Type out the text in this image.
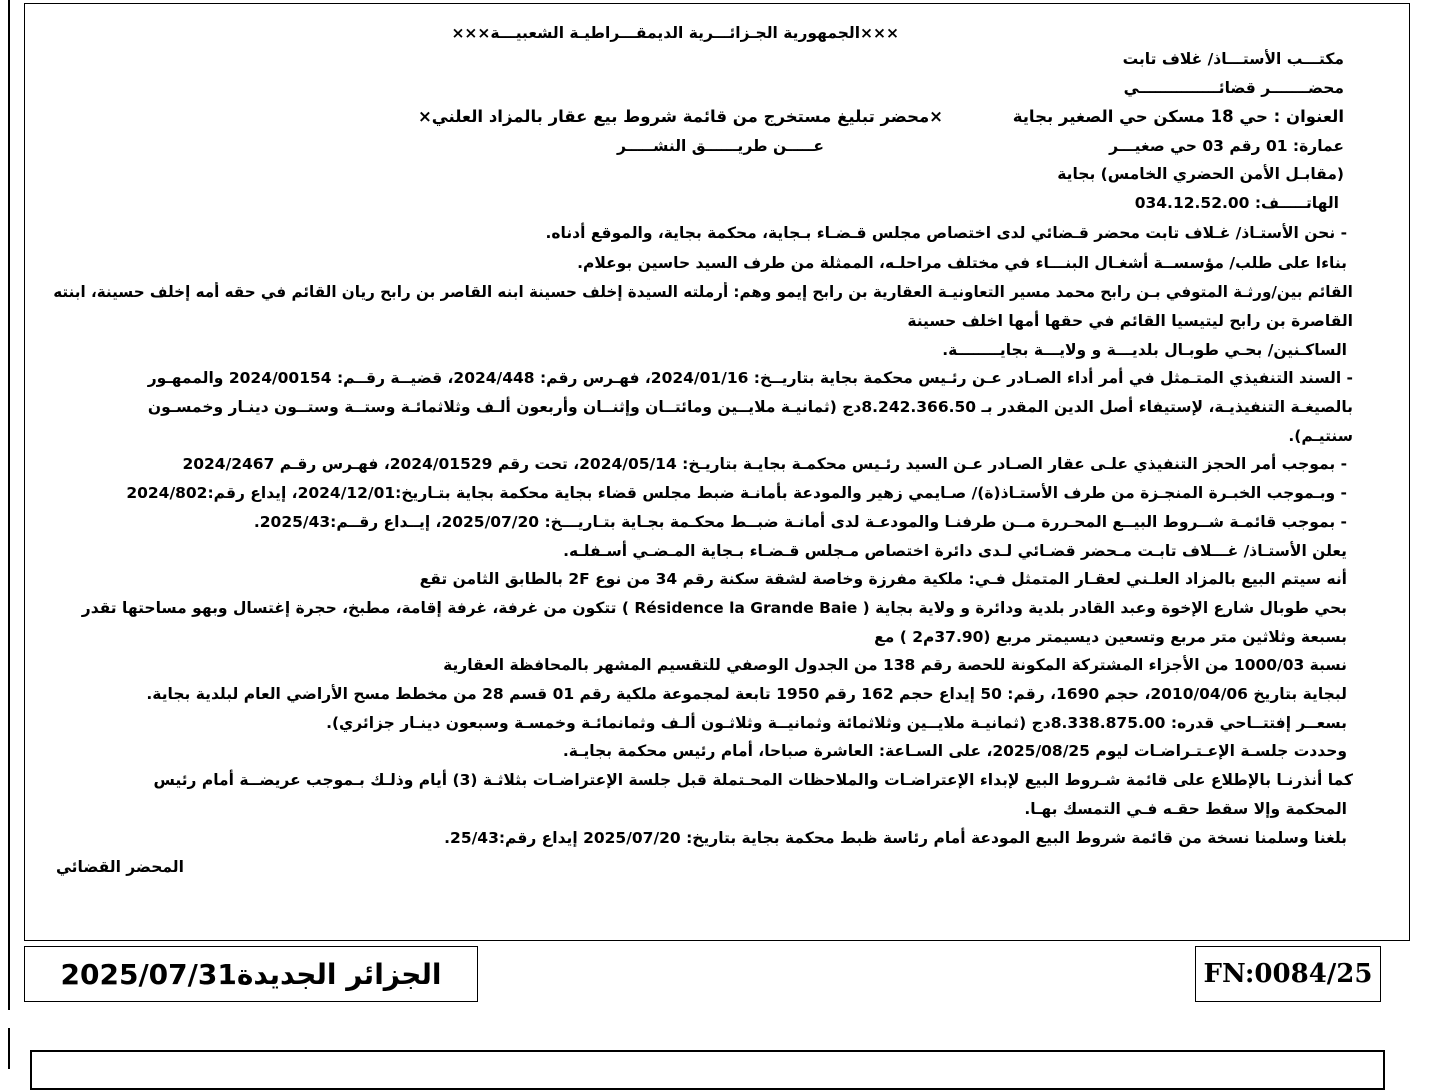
×××الجمهورية الجـزائـــرية الديمقـــراطيـة الشعبيـــة×××
مكتـــب الأستـــاذ/ غلاف تابت
محضـــــــر قضائـــــــــــــــي
العنوان : حي 18 مسكن حي الصغير بجاية
×محضر تبليغ مستخرج من قائمة شروط بيع عقار بالمزاد العلني×
عمارة: 01 رقم 03 حي صغيـــر
عـــــن طريــــــق النشـــــر
(مقابـل الأمن الحضري الخامس) بجاية
الهاتـــــف: 034.12.52.00
- نحن الأستـاذ/ غـلاف تابت محضر قـضائي لدى اختصاص مجلس قـضـاء بـجاية، محكمة بجاية، والموقع أدناه.
بناءا على طلب/ مؤسســة أشغـال البنـــاء في مختلف مراحلـه، الممثلة من طرف السيد حاسين بوعلام.
القائم بين/ورثـة المتوفي بـن رابح محمد مسير التعاونيـة العقارية بن رابح إيمو وهم: أرملته السيدة إخلف حسينة ابنه القاصر بن رابح ريان القائم في حقه أمه إخلف حسينة، ابنته
القاصرة بن رابح ليتيسيا القائم في حقها أمها اخلف حسينة
الساكـنين/ بحـي طوبـال بلديـــة و ولايـــة بجايــــــــة.
- السند التنفيذي المتـمثل في أمر أداء الصـادر عـن رئـيس محكمة بجاية بتاريــخ: 2024/01/16، فهـرس رقم: 2024/448، قضيــة رقــم: 2024/00154 والممهـور
بالصيغـة التنفيذيـة، لإستيفاء أصل الدين المقدر بـ 8.242.366.50دج (ثمانيـة ملايــين ومائتــان وإثنــان وأربعون ألـف وثلاثمائـة وستــة وستــون دينـار وخمسـون
سنتيـم).
- بموجب أمر الحجز التنفيذي علـى عقار الصـادر عـن السيد رئـيس محكمـة بجايـة بتاريـخ: 2024/05/14، تحت رقم 2024/01529، فهـرس رقـم 2024/2467
- وبـموجب الخبـرة المنجـزة من طرف الأستـاذ(ة)/ صـايمي زهير والمودعة بأمانـة ضبط مجلس قضاء بجاية محكمة بجاية بتـاريخ:2024/12/01، إيداع رقم:2024/802
- بموجب قائمـة شــروط البيــع المحـررة مــن طرفنـا والمودعـة لدى أمانـة ضبــط محكـمة بجـاية بتـاريـــخ: 2025/07/20، إيــداع رقــم:2025/43.
يعلن الأستـاذ/ غـــلاف تابـت مـحضر قضـائي لـدى دائرة اختصاص مـجلس قـضـاء بـجاية المـضـي أسـفلـه.
أنه سيتم البيع بالمزاد العلـني لعقـار المتمثل فـي: ملكية مفرزة وخاصة لشقة سكنة رقم 34 من نوع 2F بالطابق الثامن تقع
بحي طوبال شارع الإخوة وعبد القادر بلدية ودائرة و ولاية بجاية ( Résidence la Grande Baie ) تتكون من غرفة، غرفة إقامة، مطبخ، حجرة إغتسال وبهو مساحتها تقدر
بسبعة وثلاثين متر مربع وتسعين ديسيمتر مربع (37.90م2 ) مع
نسبة 1000/03 من الأجزاء المشتركة المكونة للحصة رقم 138 من الجدول الوصفي للتقسيم المشهر بالمحافظة العقارية
لبجاية بتاريخ 2010/04/06، حجم 1690، رقم: 50 إيداع حجم 162 رقم 1950 تابعة لمجموعة ملكية رقم 01 قسم 28 من مخطط مسح الأراضي العام لبلدية بجاية.
بسعــر إفتتــاحي قدره: 8.338.875.00دج (ثمانيـة ملايــين وثلاثمائة وثمانيــة وثلاثـون ألـف وثمانمائـة وخمسـة وسبعون دينـار جزائري).
وحددت جلسـة الإعـتـراضـات ليوم 2025/08/25، على السـاعة: العاشرة صباحا، أمام رئيس محكمة بجايـة.
كما أنذرنـا بالإطلاع على قائمة شـروط البيع لإبداء الإعتراضـات والملاحظات المحـتملة قبل جلسة الإعتراضـات بثلاثـة (3) أيام وذلـك بـموجب عريضــة أمام رئيس
المحكمة وإلا سقط حقـه فـي التمسك بهـا.
بلغنا وسلمنا نسخة من قائمة شروط البيع المودعة أمام رئاسة ظبط محكمة بجاية بتاريخ: 2025/07/20 إيداع رقم:25/43.
المحضر القضائي
الجزائر الجديدة2025/07/31	FN:0084/25
